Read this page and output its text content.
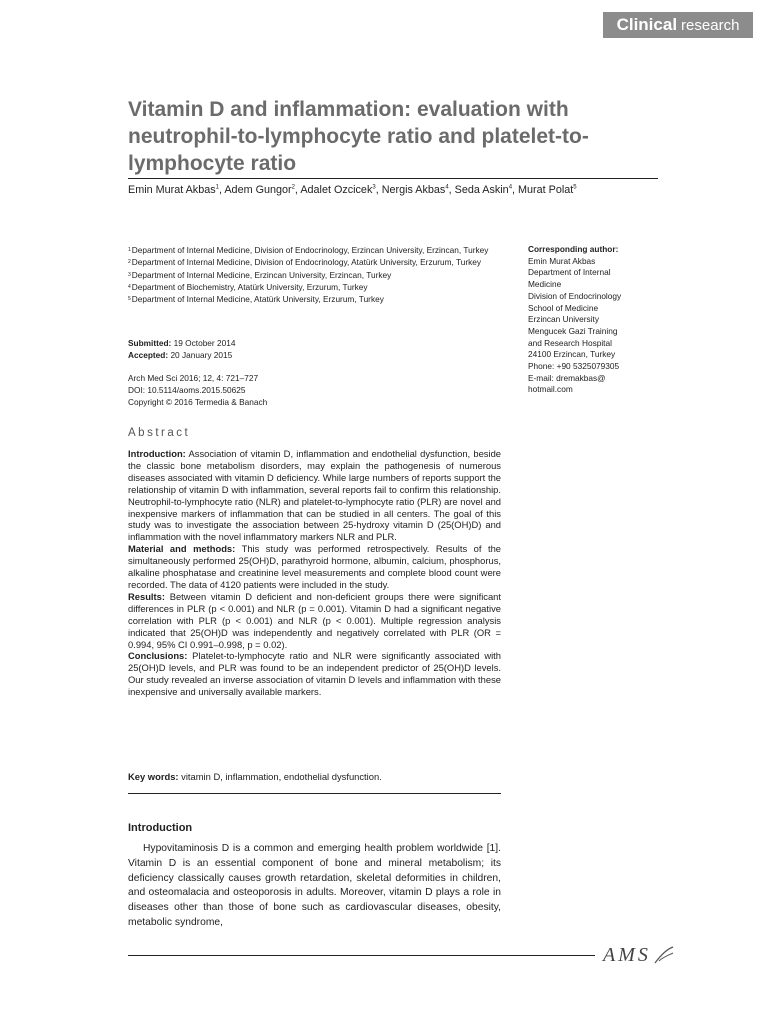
Clinical research
Vitamin D and inflammation: evaluation with neutrophil-to-lymphocyte ratio and platelet-to-lymphocyte ratio
Emin Murat Akbas$^1$, Adem Gungor$^2$, Adalet Ozcicek$^3$, Nergis Akbas$^4$, Seda Askin$^4$, Murat Polat$^5$
1 Department of Internal Medicine, Division of Endocrinology, Erzincan University, Erzincan, Turkey
2 Department of Internal Medicine, Division of Endocrinology, Atatürk University, Erzurum, Turkey
3 Department of Internal Medicine, Erzincan University, Erzincan, Turkey
4 Department of Biochemistry, Atatürk University, Erzurum, Turkey
5 Department of Internal Medicine, Atatürk University, Erzurum, Turkey
Submitted: 19 October 2014
Accepted: 20 January 2015
Arch Med Sci 2016; 12, 4: 721–727
DOI: 10.5114/aoms.2015.50625
Copyright © 2016 Termedia & Banach
Corresponding author:
Emin Murat Akbas
Department of Internal
Medicine
Division of Endocrinology
School of Medicine
Erzincan University
Mengucek Gazi Training
and Research Hospital
24100 Erzincan, Turkey
Phone: +90 5325079305
E-mail: dremakbas@
hotmail.com
Abstract

Introduction: Association of vitamin D, inflammation and endothelial dysfunction, beside the classic bone metabolism disorders, may explain the pathogenesis of numerous diseases associated with vitamin D deficiency. While large numbers of reports support the relationship of vitamin D with inflammation, several reports fail to confirm this relationship. Neutrophil-to-lymphocyte ratio (NLR) and platelet-to-lymphocyte ratio (PLR) are novel and inexpensive markers of inflammation that can be studied in all centers. The goal of this study was to investigate the association between 25-hydroxy vitamin D (25(OH)D) and inflammation with the novel inflammatory markers NLR and PLR.

Material and methods: This study was performed retrospectively. Results of the simultaneously performed 25(OH)D, parathyroid hormone, albumin, calcium, phosphorus, alkaline phosphatase and creatinine level measurements and complete blood count were recorded. The data of 4120 patients were included in the study.

Results: Between vitamin D deficient and non-deficient groups there were significant differences in PLR (p < 0.001) and NLR (p = 0.001). Vitamin D had a significant negative correlation with PLR (p < 0.001) and NLR (p < 0.001). Multiple regression analysis indicated that 25(OH)D was independently and negatively correlated with PLR (OR = 0.994, 95% CI 0.991–0.998, p = 0.02).

Conclusions: Platelet-to-lymphocyte ratio and NLR were significantly associated with 25(OH)D levels, and PLR was found to be an independent predictor of 25(OH)D levels. Our study revealed an inverse association of vitamin D levels and inflammation with these inexpensive and universally available markers.

Key words: vitamin D, inflammation, endothelial dysfunction.
Introduction

Hypovitaminosis D is a common and emerging health problem worldwide [1]. Vitamin D is an essential component of bone and mineral metabolism; its deficiency classically causes growth retardation, skeletal deformities in children, and osteomalacia and osteoporosis in adults. Moreover, vitamin D plays a role in diseases other than those of bone such as cardiovascular diseases, obesity, metabolic syndrome,

AMS
